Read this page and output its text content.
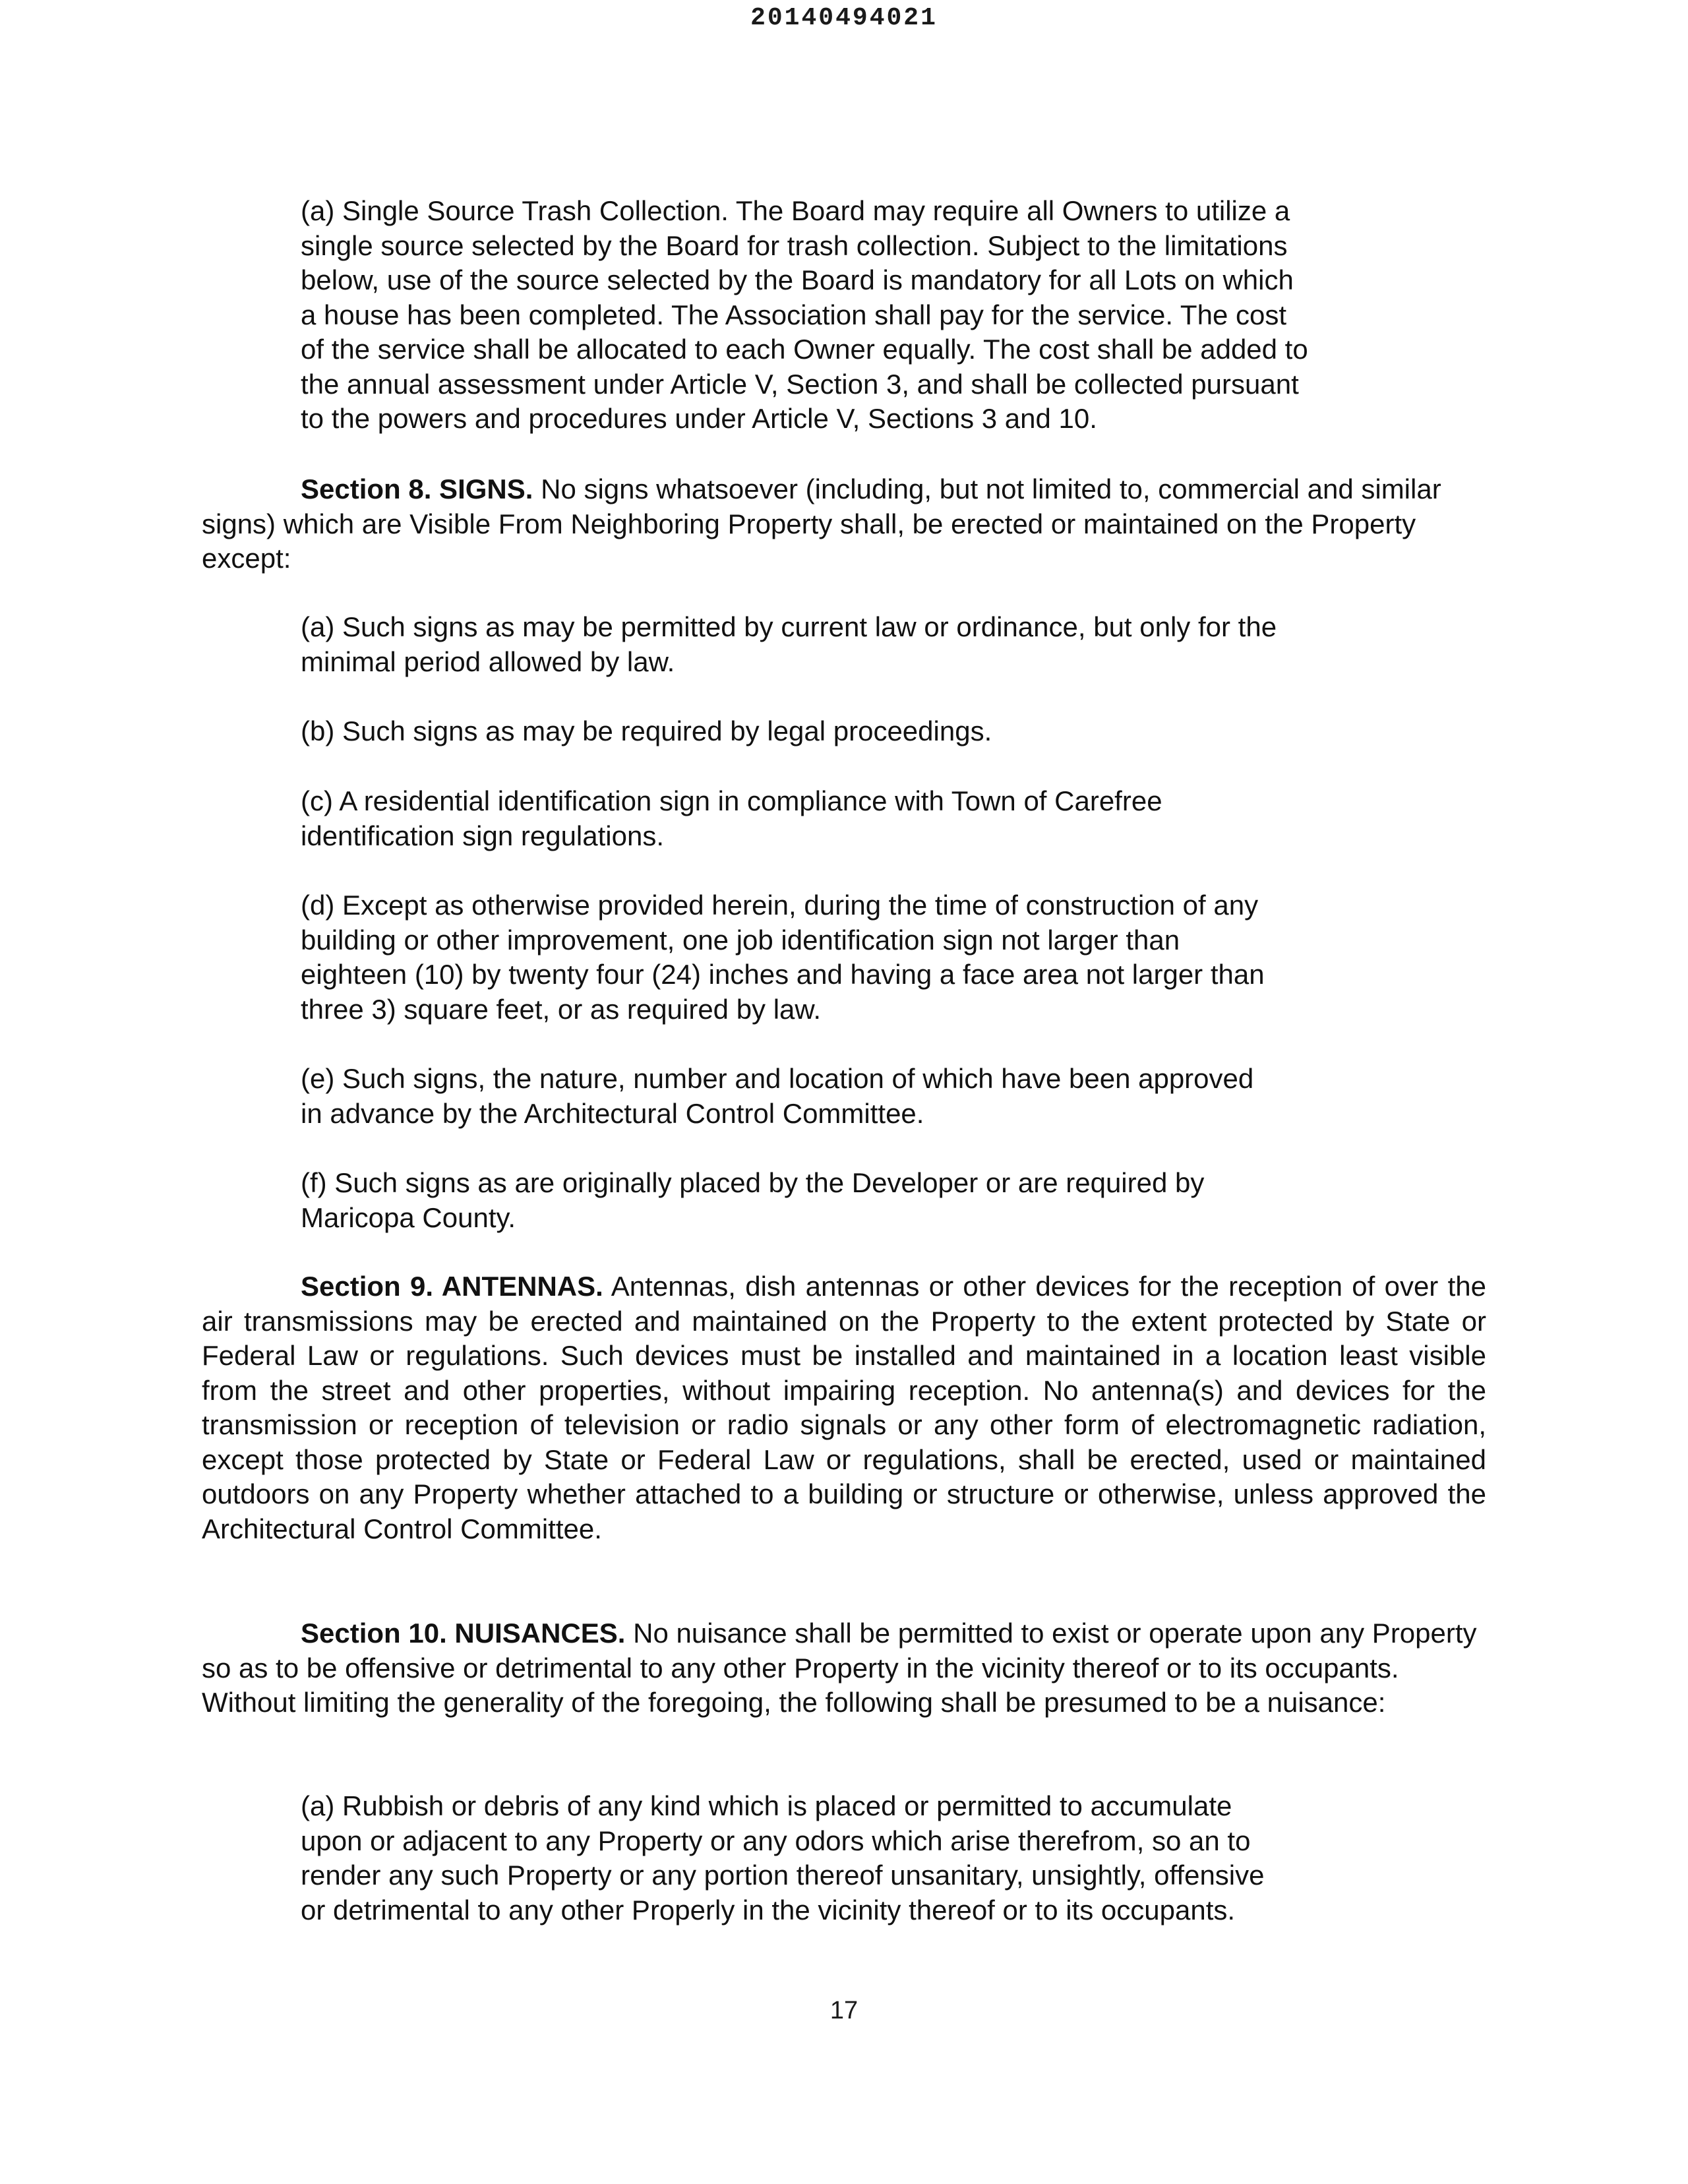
20140494021
(a) Single Source Trash Collection. The Board may require all Owners to utilize a
single source selected by the Board for trash collection. Subject to the limitations
below, use of the source selected by the Board is mandatory for all Lots on which
a house has been completed. The Association shall pay for the service. The cost
of the service shall be allocated to each Owner equally. The cost shall be added to
the annual assessment under Article V, Section 3, and shall be collected pursuant
to the powers and procedures under Article V, Sections 3 and 10.

Section 8. SIGNS. No signs whatsoever (including, but not limited to, commercial and similar signs) which are Visible From Neighboring Property shall, be erected or maintained on the Property except:

(a) Such signs as may be permitted by current law or ordinance, but only for the
minimal period allowed by law.
(b) Such signs as may be required by legal proceedings.
(c) A residential identification sign in compliance with Town of Carefree
identification sign regulations.
(d) Except as otherwise provided herein, during the time of construction of any
building or other improvement, one job identification sign not larger than
eighteen (10) by twenty four (24) inches and having a face area not larger than
three 3) square feet, or as required by law.
(e) Such signs, the nature, number and location of which have been approved
in advance by the Architectural Control Committee.
(f) Such signs as are originally placed by the Developer or are required by
Maricopa County.

Section 9. ANTENNAS. Antennas, dish antennas or other devices for the reception of over the air transmissions may be erected and maintained on the Property to the extent protected by State or Federal Law or regulations. Such devices must be installed and maintained in a location least visible from the street and other properties, without impairing reception. No antenna(s) and devices for the transmission or reception of television or radio signals or any other form of electromagnetic radiation, except those protected by State or Federal Law or regulations, shall be erected, used or maintained outdoors on any Property whether attached to a building or structure or otherwise, unless approved the Architectural Control Committee.

Section 10. NUISANCES. No nuisance shall be permitted to exist or operate upon any Property so as to be offensive or detrimental to any other Property in the vicinity thereof or to its occupants. Without limiting the generality of the foregoing, the following shall be presumed to be a nuisance:

(a) Rubbish or debris of any kind which is placed or permitted to accumulate
upon or adjacent to any Property or any odors which arise therefrom, so an to
render any such Property or any portion thereof unsanitary, unsightly, offensive
or detrimental to any other Properly in the vicinity thereof or to its occupants.
17
